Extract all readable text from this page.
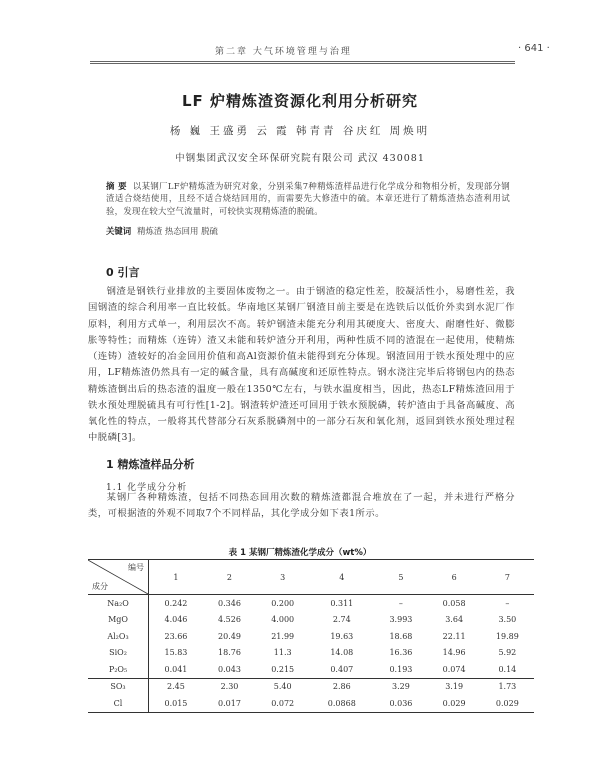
第二章 大气环境管理与治理	· 641 ·
LF 炉精炼渣资源化利用分析研究
杨 巍 王盛勇 云 霞 韩青青 谷庆红 周焕明
中钢集团武汉安全环保研究院有限公司 武汉 430081
摘 要 以某钢厂LF炉精炼渣为研究对象，分别采集7种精炼渣样品进行化学成分和物相分析，发现部分钢渣适合烧结使用，且经不适合烧结回用的，而需要先大修渣中的硫。本章还进行了精炼渣热态渣利用试验，发现在较大空气流量时，可较快实现精炼渣的脱硫。
关键词 精炼渣 热态回用 脱硫
0 引言
钢渣是钢铁行业排放的主要固体废物之一。由于钢渣的稳定性差，胶凝活性小，易磨性差，我国钢渣的综合利用率一直比较低。华南地区某钢厂钢渣目前主要是在选铁后以低价外卖到水泥厂作原料，利用方式单一，利用层次不高。转炉钢渣未能充分利用其硬度大、密度大、耐磨性好、微膨胀等特性；而精炼（连铸）渣又未能和转炉渣分开利用，两种性质不同的渣混在一起使用，使精炼（连铸）渣较好的冶金回用价值和高Al资源价值未能得到充分体现。钢渣回用于铁水预处理中的应用，LF精炼渣仍然具有一定的碱含量，具有高碱度和还原性特点。钢水浇注完毕后将钢包内的热态精炼渣倒出后的热态渣的温度一般在1350℃左右，与铁水温度相当，因此，热态LF精炼渣回用于铁水预处理脱硫具有可行性[1-2]。钢渣转炉渣还可回用于铁水预脱磷，转炉渣由于具备高碱度、高氧化性的特点，一般将其代替部分石灰系脱磷剂中的一部分石灰和氧化剂，返回到铁水预处理过程中脱磷[3]。
1 精炼渣样品分析
1.1 化学成分分析
某钢厂各种精炼渣，包括不同热态回用次数的精炼渣都混合堆放在了一起，并未进行严格分类，可根据渣的外观不同取7个不同样品，其化学成分如下表1所示。
表 1 某钢厂精炼渣化学成分（wt%）
编号
成分	1	2	3	4	5	6	7
Na₂O	0.242	0.346	0.200	0.311	–	0.058	–
MgO	4.046	4.526	4.000	2.74	3.993	3.64	3.50
Al₂O₃	23.66	20.49	21.99	19.63	18.68	22.11	19.89
SiO₂	15.83	18.76	11.3	14.08	16.36	14.96	5.92
P₂O₅	0.041	0.043	0.215	0.407	0.193	0.074	0.14
SO₃	2.45	2.30	5.40	2.86	3.29	3.19	1.73
Cl	0.015	0.017	0.072	0.0868	0.036	0.029	0.029
